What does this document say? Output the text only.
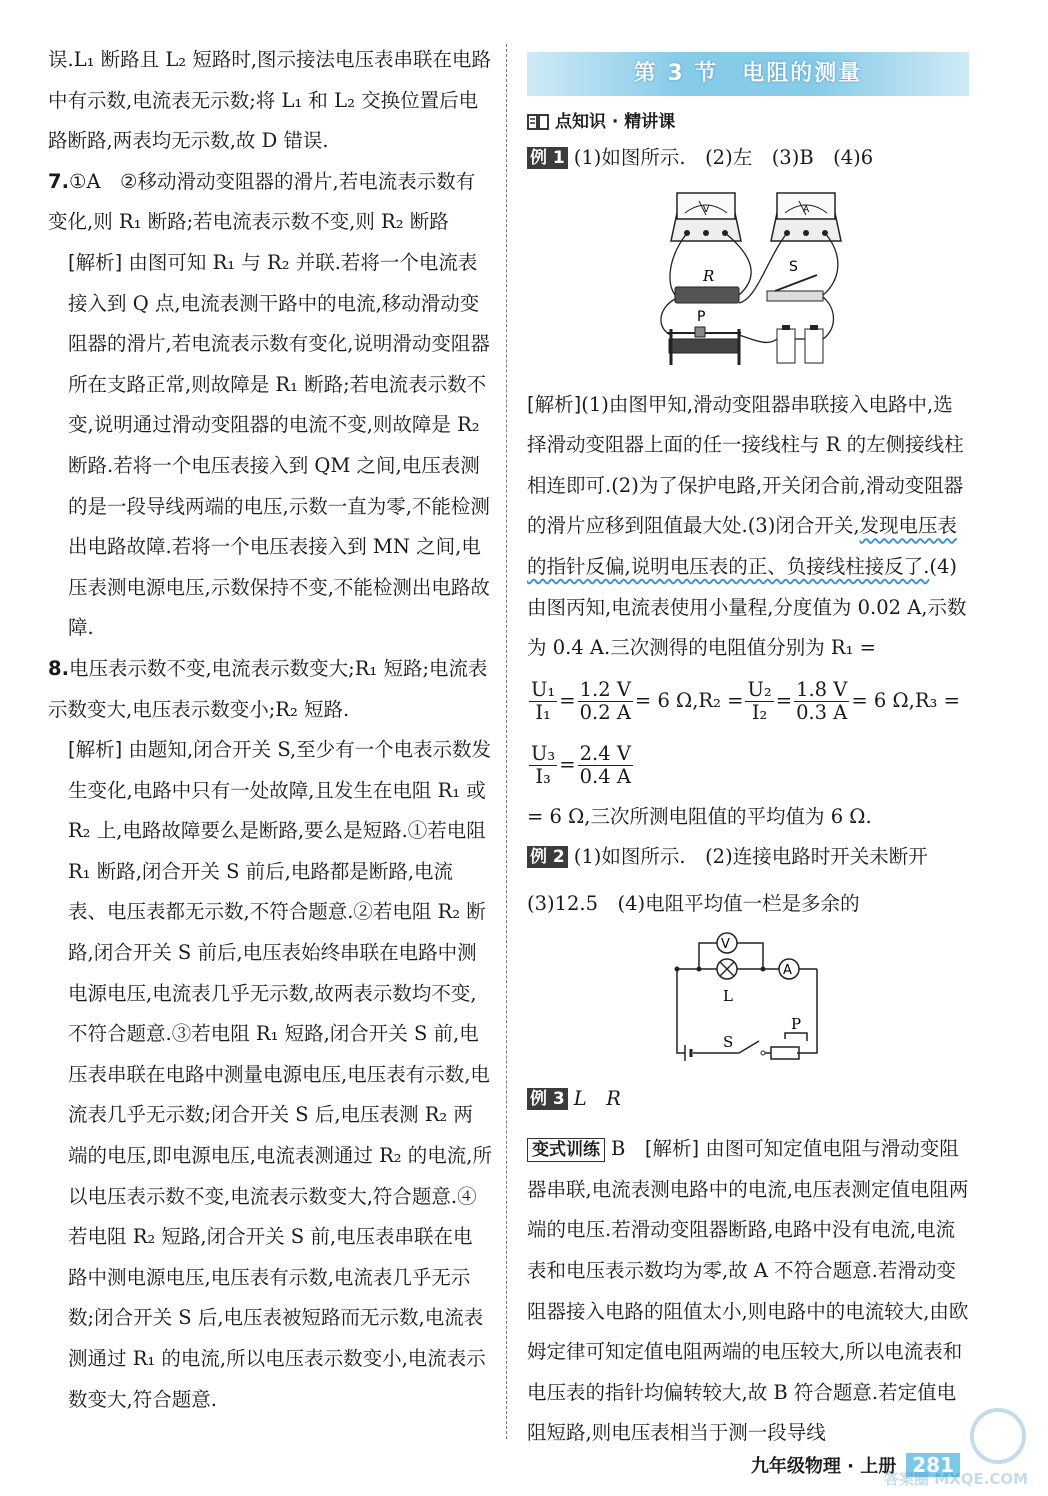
误.L₁ 断路且 L₂ 短路时,图示接法电压表串联在电路中有示数,电流表无示数;将 L₁ 和 L₂ 交换位置后电路断路,两表均无示数,故 D 错误.

7.①A　②移动滑动变阻器的滑片,若电流表示数有变化,则 R₁ 断路;若电流表示数不变,则 R₂ 断路

[解析] 由图可知 R₁ 与 R₂ 并联.若将一个电流表接入到 Q 点,电流表测干路中的电流,移动滑动变阻器的滑片,若电流表示数有变化,说明滑动变阻器所在支路正常,则故障是 R₁ 断路;若电流表示数不变,说明通过滑动变阻器的电流不变,则故障是 R₂ 断路.若将一个电压表接入到 QM 之间,电压表测的是一段导线两端的电压,示数一直为零,不能检测出电路故障.若将一个电压表接入到 MN 之间,电压表测电源电压,示数保持不变,不能检测出电路故障.

8.电压表示数不变,电流表示数变大;R₁ 短路;电流表示数变大,电压表示数变小;R₂ 短路.

[解析] 由题知,闭合开关 S,至少有一个电表示数发生变化,电路中只有一处故障,且发生在电阻 R₁ 或 R₂ 上,电路故障要么是断路,要么是短路.①若电阻 R₁ 断路,闭合开关 S 前后,电路都是断路,电流表、电压表都无示数,不符合题意.②若电阻 R₂ 断路,闭合开关 S 前后,电压表始终串联在电路中测电源电压,电流表几乎无示数,故两表示数均不变,不符合题意.③若电阻 R₁ 短路,闭合开关 S 前,电压表串联在电路中测量电源电压,电压表有示数,电流表几乎无示数;闭合开关 S 后,电压表测 R₂ 两端的电压,即电源电压,电流表测通过 R₂ 的电流,所以电压表示数不变,电流表示数变大,符合题意.④若电阻 R₂ 短路,闭合开关 S 前,电压表串联在电路中测电源电压,电压表有示数,电流表几乎无示数;闭合开关 S 后,电压表被短路而无示数,电流表测通过 R₁ 的电流,所以电压表示数变小,电流表示数变大,符合题意.

第 3 节　电阻的测量
点知识 · 精讲课

例 1 (1)如图所示.　(2)左　(3)B　(4)6

V	A
R	S
P

[解析](1)由图甲知,滑动变阻器串联接入电路中,选择滑动变阻器上面的任一接线柱与 R 的左侧接线柱相连即可.(2)为了保护电路,开关闭合前,滑动变阻器的滑片应移到阻值最大处.(3)闭合开关,发现电压表的指针反偏,说明电压表的正、负接线柱接反了.(4)由图丙知,电流表使用小量程,分度值为 0.02 A,示数为 0.4 A.三次测得的电阻值分别为 R₁ =

$\frac{\text{U₁}}{\text{I₁}} = \frac{1.2 V}{0.2 A} = 6$ $\Omega,R_2 = \frac{\text{U₂}}{\text{I₂}} = \frac{1.8 V}{0.3 A} = 6$ Ω,R₃ =
$\frac{\text{U₃}}{\text{I₃}} = \frac{2.4 V}{0.4 A}$

= 6 Ω,三次所测电阻值的平均值为 6 Ω.

例 2 (1)如图所示.　(2)连接电路时开关未断开

(3)12.5　(4)电阻平均值一栏是多余的

V
L
A
S
P

例 3 L　R

变式训练 B　 [解析] 由图可知定值电阻与滑动变阻器串联,电流表测电路中的电流,电压表测定值电阻两端的电压.若滑动变阻器断路,电路中没有电流,电流表和电压表示数均为零,故 A 不符合题意.若滑动变阻器接入电路的阻值太小,则电路中的电流较大,由欧姆定律可知定值电阻两端的电压较大,所以电流表和电压表的指针均偏转较大,故 B 符合题意.若定值电阻短路,则电压表相当于测一段导线

九年级物理 · 上册 281
答案圈 MXQE.COM
